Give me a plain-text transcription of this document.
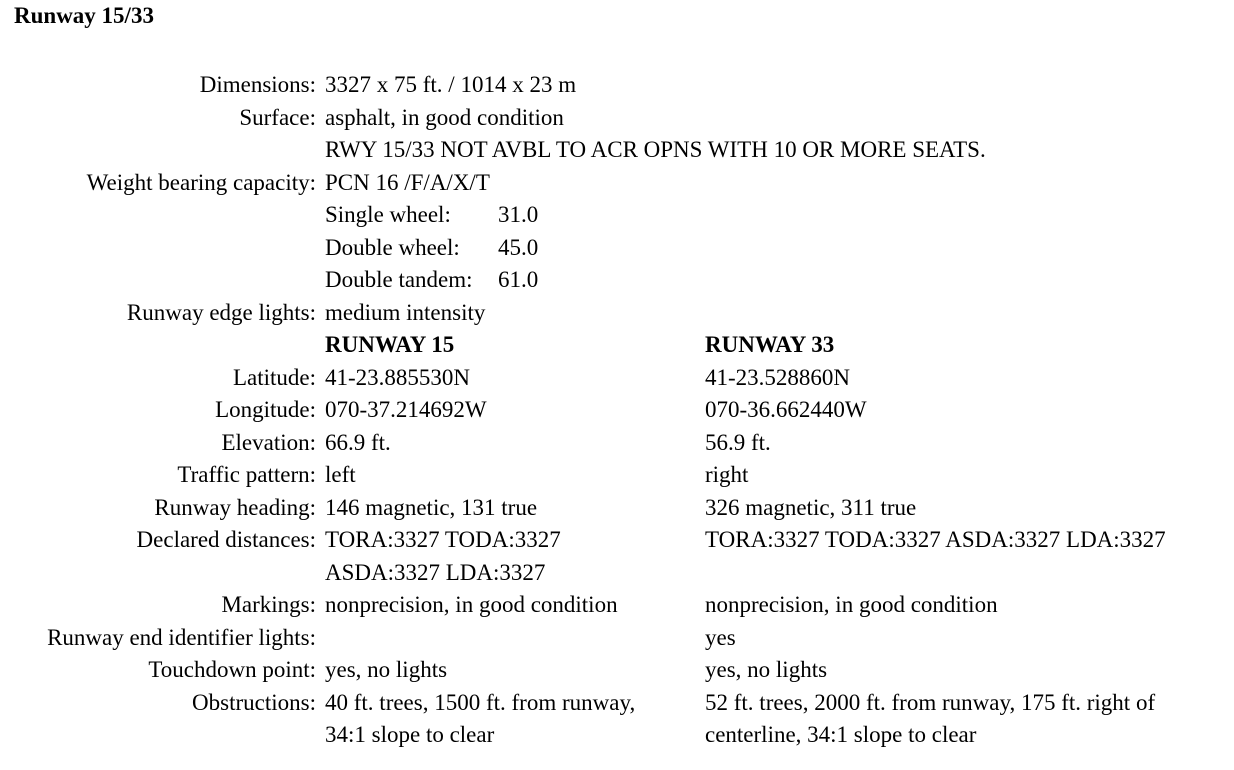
Runway 15/33
Dimensions: 3327 x 75 ft. / 1014 x 23 m
Surface: asphalt, in good condition
RWY 15/33 NOT AVBL TO ACR OPNS WITH 10 OR MORE SEATS.
Weight bearing capacity: PCN 16 /F/A/X/T
Single wheel: 31.0
Double wheel: 45.0
Double tandem: 61.0
Runway edge lights: medium intensity
RUNWAY 15	RUNWAY 33
Latitude: 41-23.885530N	41-23.528860N
Longitude: 070-37.214692W	070-36.662440W
Elevation: 66.9 ft.	56.9 ft.
Traffic pattern: left	right
Runway heading: 146 magnetic, 131 true	326 magnetic, 311 true
Declared distances: TORA:3327 TODA:3327	TORA:3327 TODA:3327 ASDA:3327 LDA:3327
ASDA:3327 LDA:3327
Markings: nonprecision, in good condition	nonprecision, in good condition
Runway end identifier lights:	yes
Touchdown point: yes, no lights	yes, no lights
Obstructions: 40 ft. trees, 1500 ft. from runway,	52 ft. trees, 2000 ft. from runway, 175 ft. right of
34:1 slope to clear	centerline, 34:1 slope to clear
